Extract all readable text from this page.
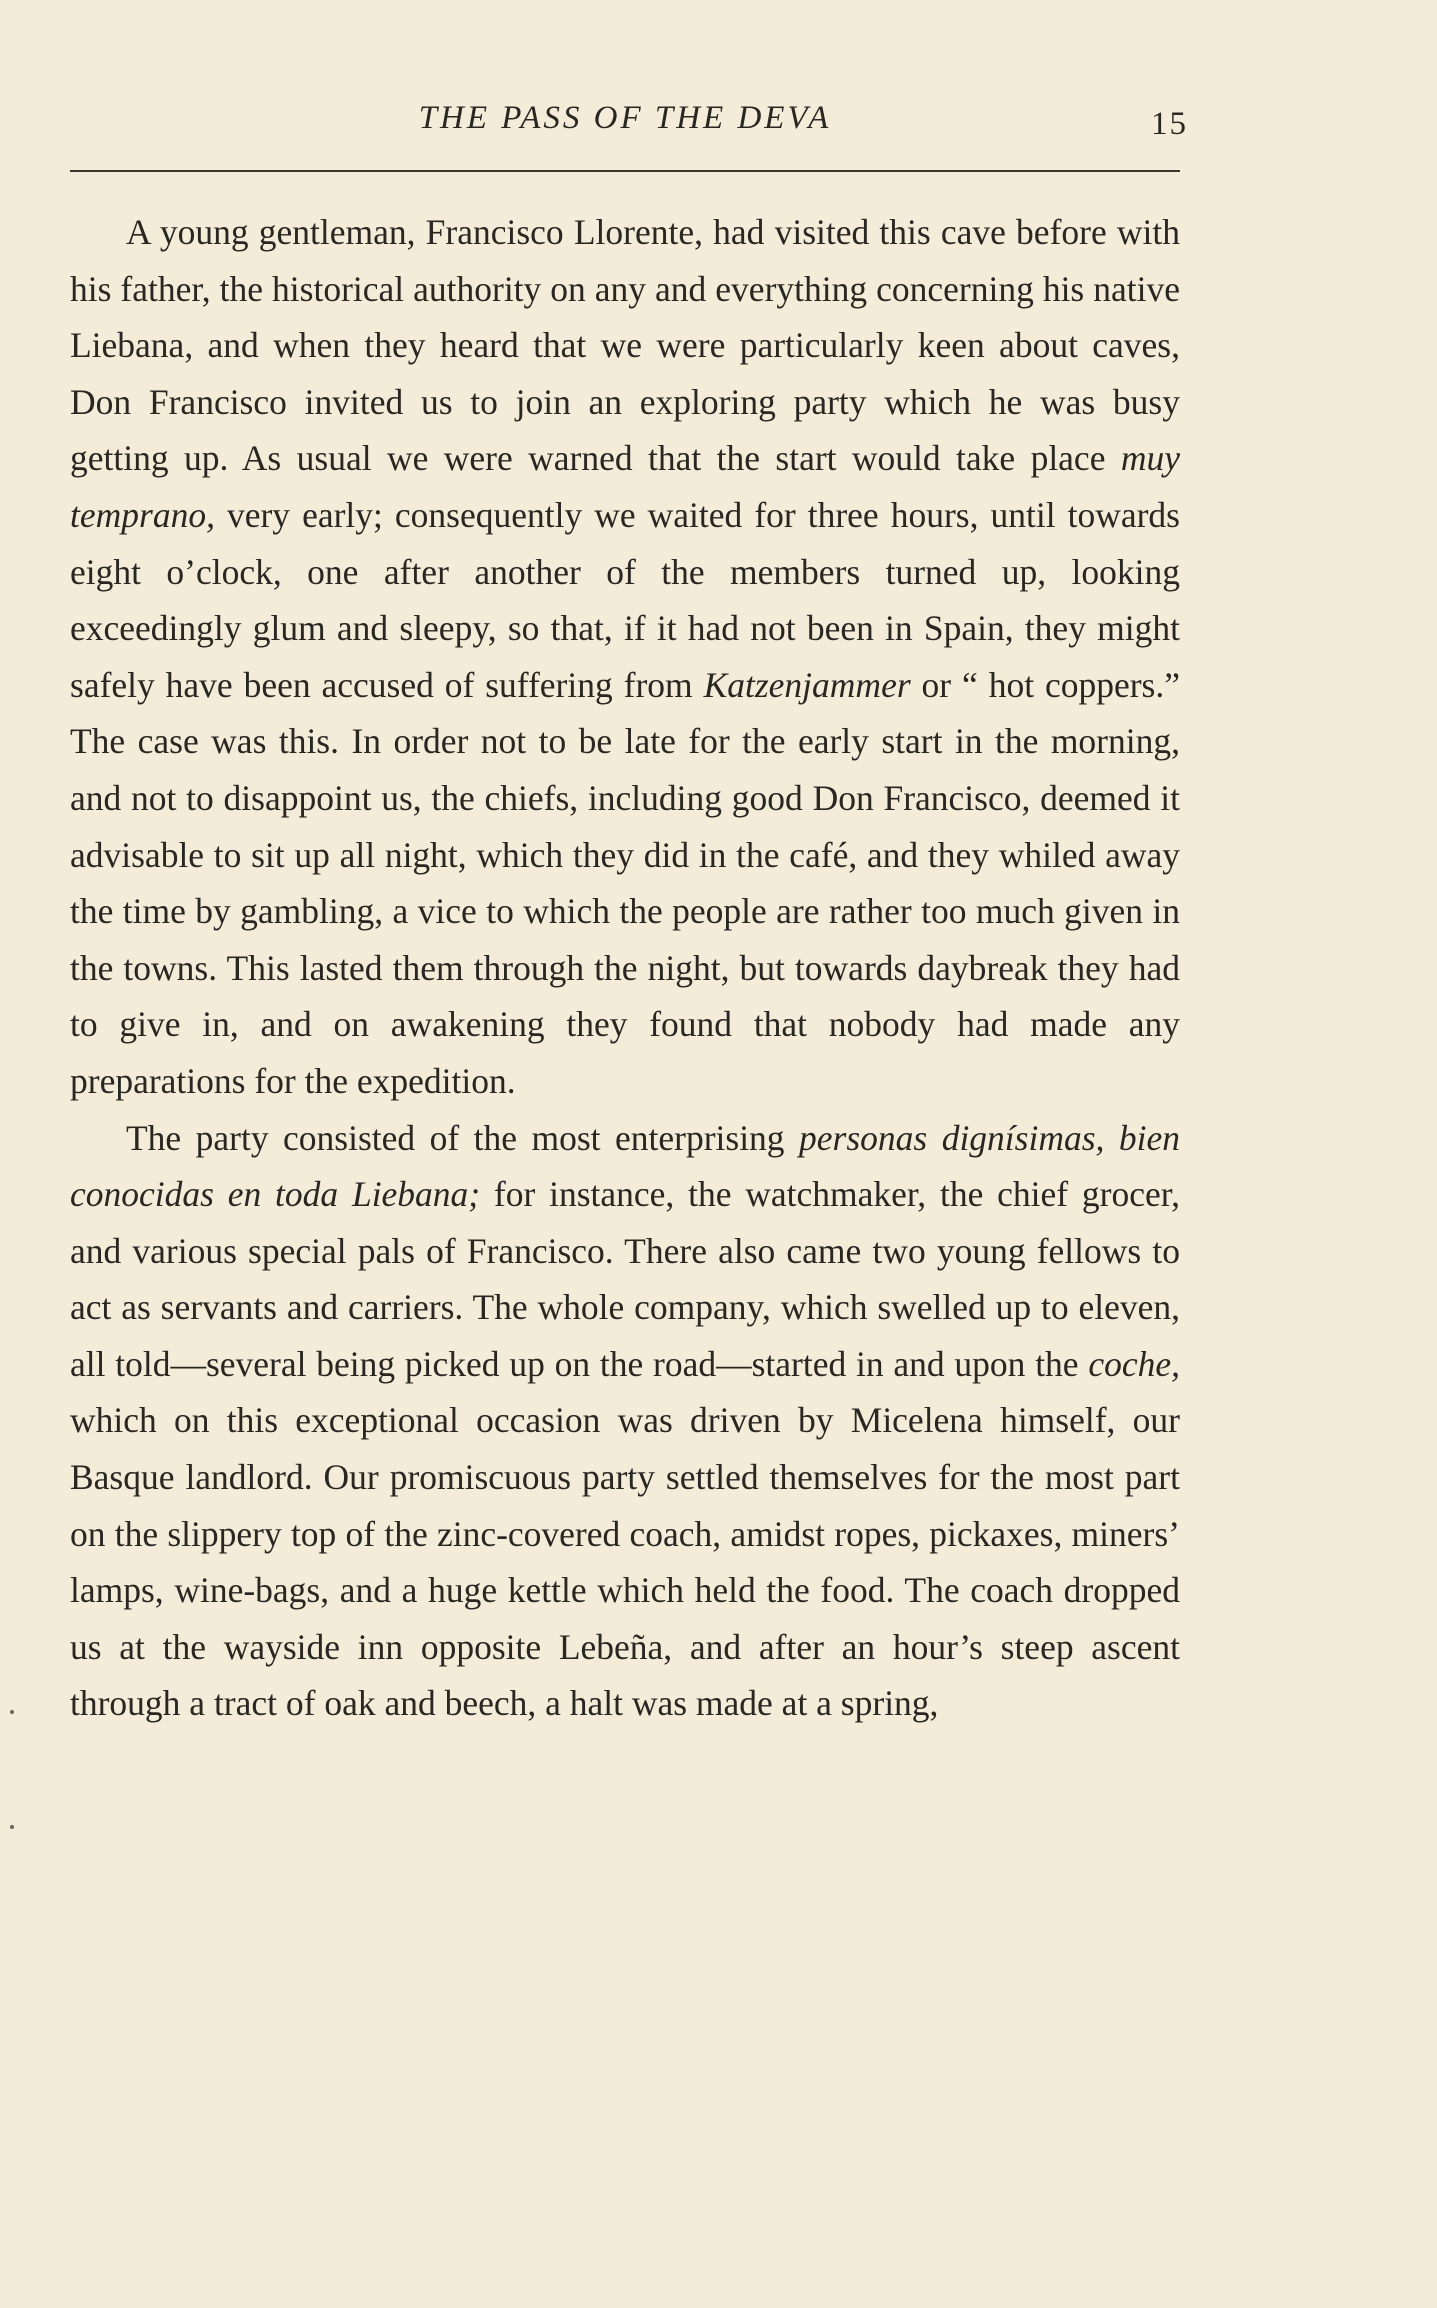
THE PASS OF THE DEVA	15

A young gentleman, Francisco Llorente, had visited this cave before with his father, the historical authority on any and everything concerning his native Liebana, and when they heard that we were particularly keen about caves, Don Francisco invited us to join an exploring party which he was busy getting up. As usual we were warned that the start would take place muy temprano, very early; consequently we waited for three hours, until towards eight o’clock, one after another of the members turned up, looking exceedingly glum and sleepy, so that, if it had not been in Spain, they might safely have been accused of suffering from Katzenjammer or “ hot coppers.” The case was this. In order not to be late for the early start in the morning, and not to disappoint us, the chiefs, including good Don Francisco, deemed it advisable to sit up all night, which they did in the café, and they whiled away the time by gambling, a vice to which the people are rather too much given in the towns. This lasted them through the night, but towards daybreak they had to give in, and on awakening they found that nobody had made any preparations for the expedition.

The party consisted of the most enterprising personas dignísimas, bien conocidas en toda Liebana; for instance, the watchmaker, the chief grocer, and various special pals of Francisco. There also came two young fellows to act as servants and carriers. The whole company, which swelled up to eleven, all told—several being picked up on the road—started in and upon the coche, which on this exceptional occasion was driven by Micelena himself, our Basque landlord. Our promiscuous party settled themselves for the most part on the slippery top of the zinc-covered coach, amidst ropes, pickaxes, miners’ lamps, wine-bags, and a huge kettle which held the food. The coach dropped us at the wayside inn opposite Lebeña, and after an hour’s steep ascent through a tract of oak and beech, a halt was made at a spring,
